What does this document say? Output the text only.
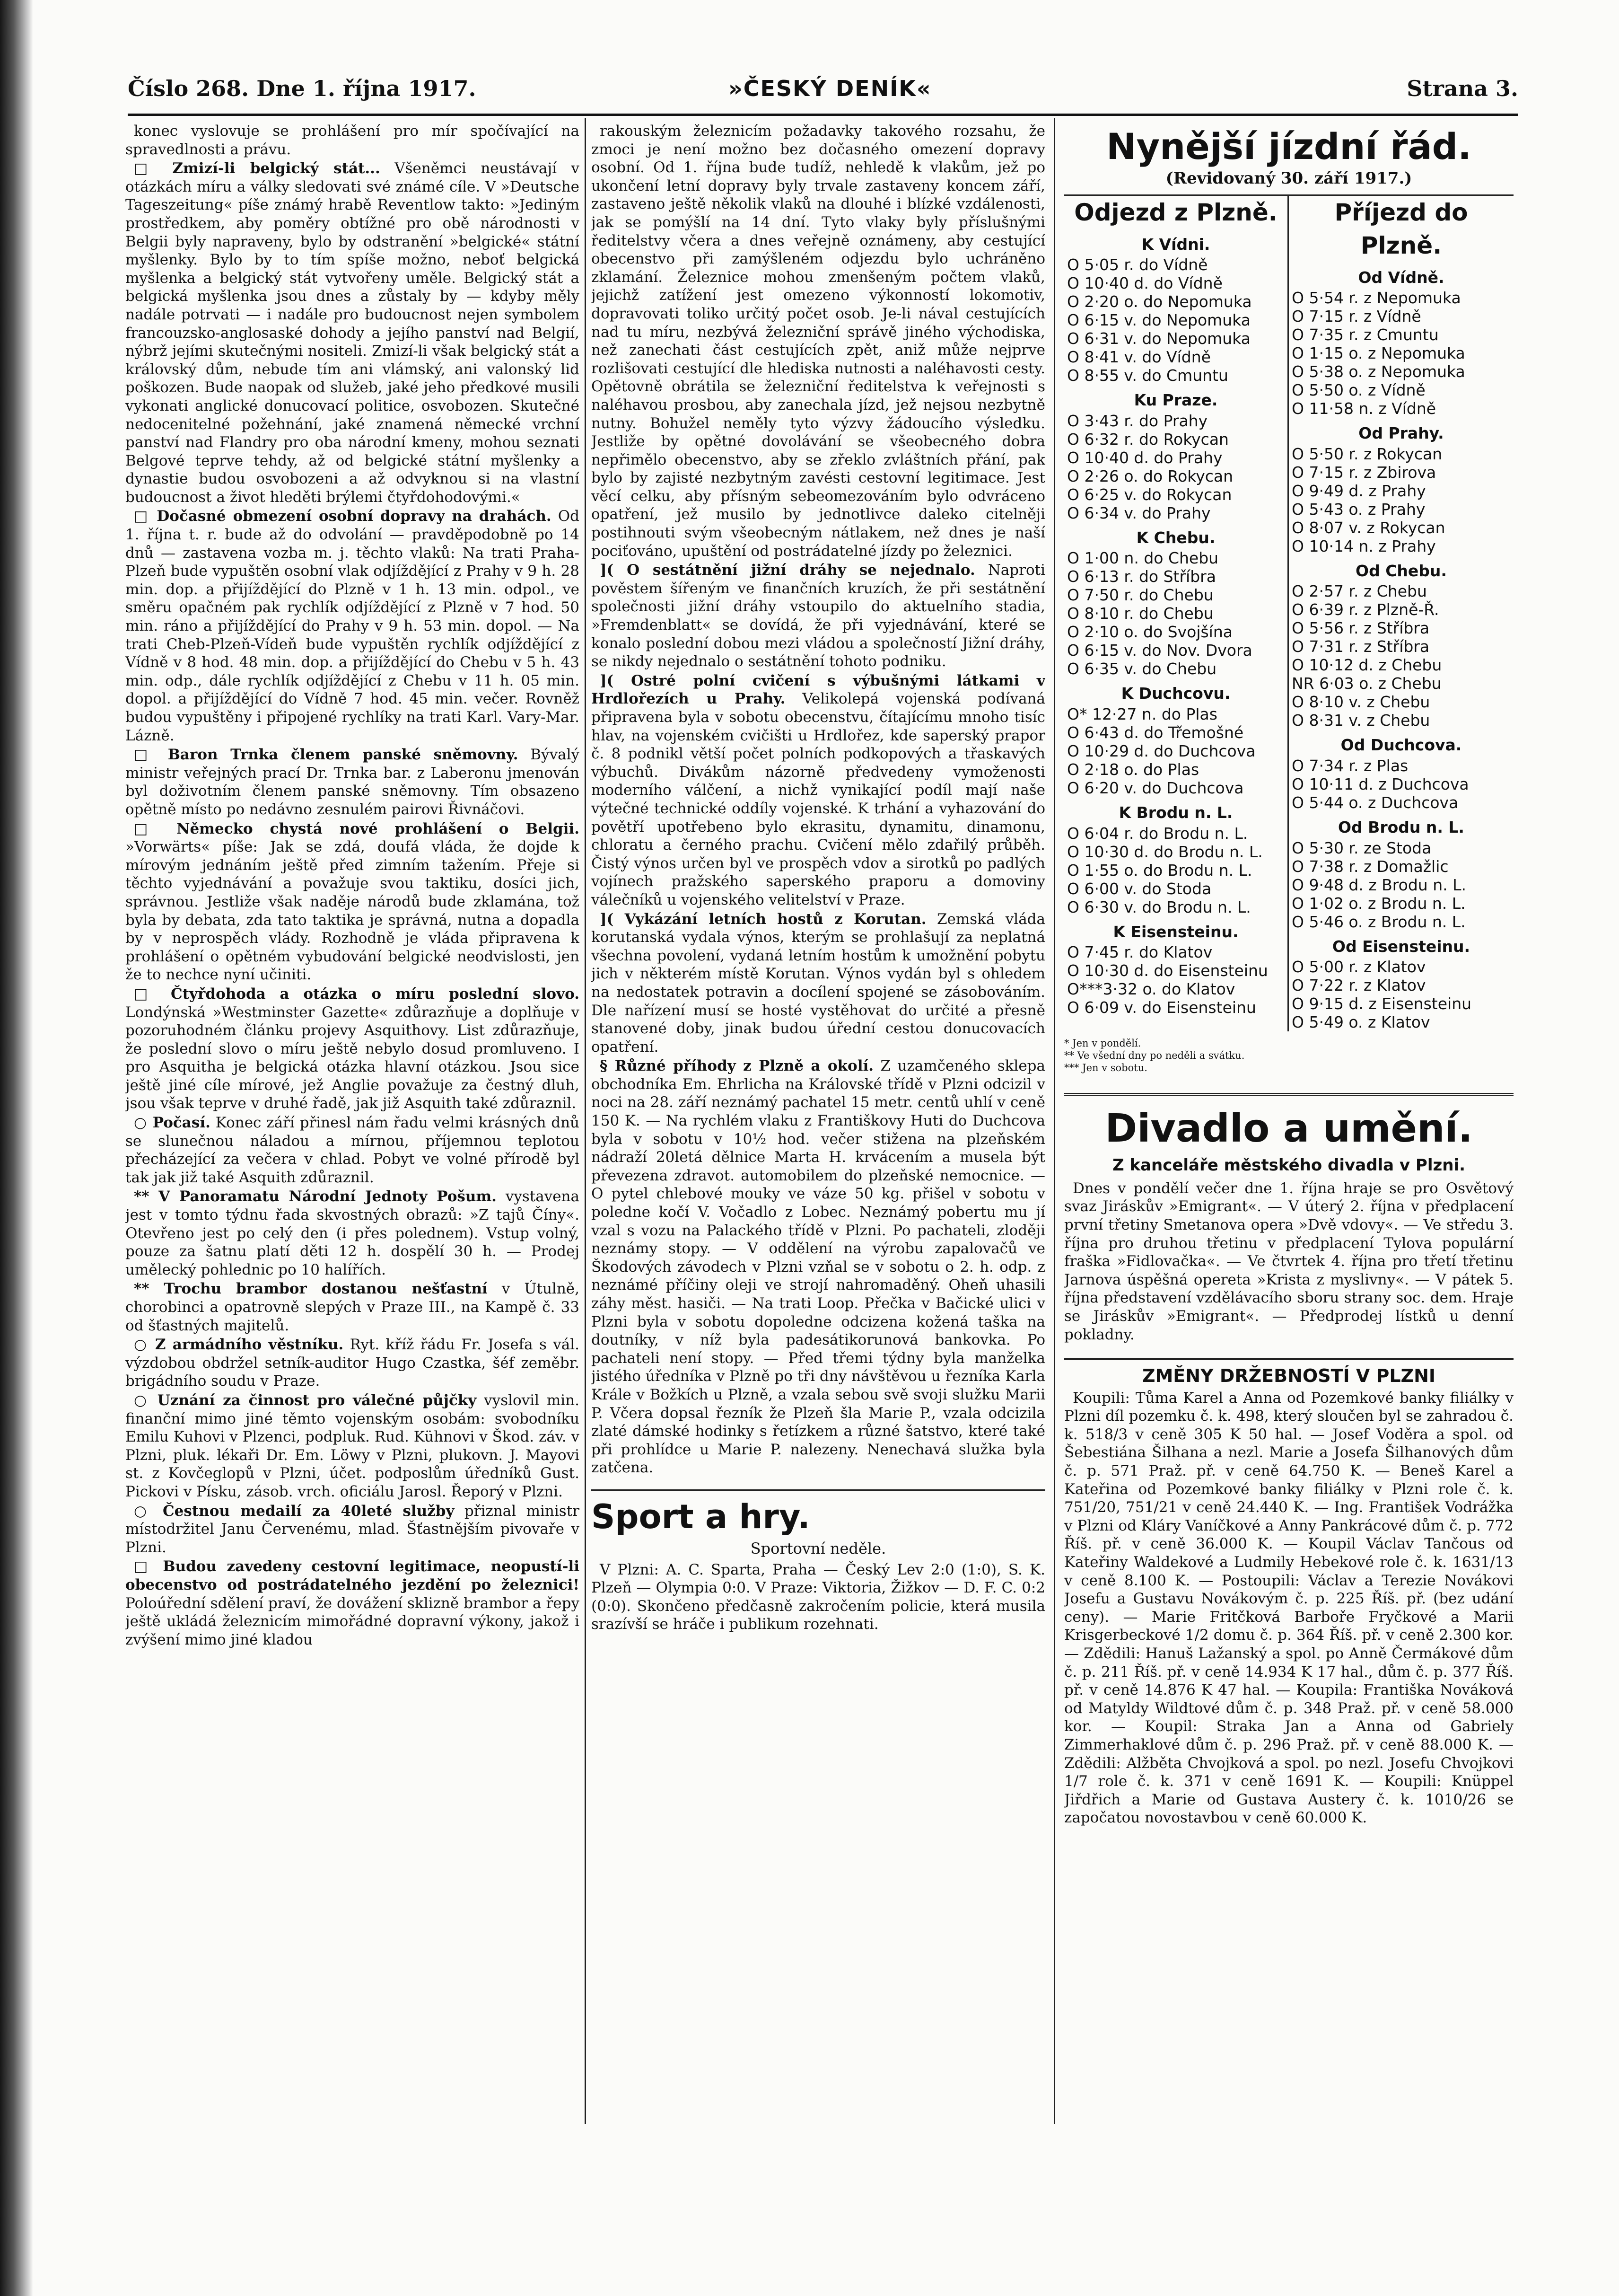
Číslo 268. Dne 1. října 1917.	»ČESKÝ DENÍK«	Strana 3.

konec vyslovuje se prohlášení pro mír spočívající na spravedlnosti a právu.

□ Zmizí-li belgický stát... Všeněmci neustávají v otázkách míru a války sledovati své známé cíle. V »Deutsche Tageszeitung« píše známý hrabě Reventlow takto: »Jediným prostředkem, aby poměry obtížné pro obě národnosti v Belgii byly napraveny, bylo by odstranění »belgické« státní myšlenky. Bylo by to tím spíše možno, neboť belgická myšlenka a belgický stát vytvořeny uměle. Belgický stát a belgická myšlenka jsou dnes a zůstaly by — kdyby měly nadále potrvati — i nadále pro budoucnost nejen symbolem francouzsko-anglosaské dohody a jejího panství nad Belgií, nýbrž jejími skutečnými nositeli. Zmizí-li však belgický stát a královský dům, nebude tím ani vlámský, ani valonský lid poškozen. Bude naopak od služeb, jaké jeho předkové musili vykonati anglické donucovací politice, osvobozen. Skutečné nedocenitelné požehnání, jaké znamená německé vrchní panství nad Flandry pro oba národní kmeny, mohou seznati Belgové teprve tehdy, až od belgické státní myšlenky a dynastie budou osvobozeni a až odvyknou si na vlastní budoucnost a život hleděti brýlemi čtyřdohodovými.«

□ Dočasné obmezení osobní dopravy na drahách. Od 1. října t. r. bude až do odvolání — pravděpodobně po 14 dnů — zastavena vozba m. j. těchto vlaků: Na trati Praha-Plzeň bude vypuštěn osobní vlak odjíždějící z Prahy v 9 h. 28 min. dop. a přijíždějící do Plzně v 1 h. 13 min. odpol., ve směru opačném pak rychlík odjíždějící z Plzně v 7 hod. 50 min. ráno a přijíždějící do Prahy v 9 h. 53 min. dopol. — Na trati Cheb-Plzeň-Vídeň bude vypuštěn rychlík odjíždějící z Vídně v 8 hod. 48 min. dop. a přijíždějící do Chebu v 5 h. 43 min. odp., dále rychlík odjíždějící z Chebu v 11 h. 05 min. dopol. a přijíždějící do Vídně 7 hod. 45 min. večer. Rovněž budou vypuštěny i připojené rychlíky na trati Karl. Vary-Mar. Lázně.

□ Baron Trnka členem panské sněmovny. Bývalý ministr veřejných prací Dr. Trnka bar. z Laberonu jmenován byl doživotním členem panské sněmovny. Tím obsazeno opětně místo po nedávno zesnulém pairovi Řivnáčovi.

□ Německo chystá nové prohlášení o Belgii. »Vorwärts« píše: Jak se zdá, doufá vláda, že dojde k mírovým jednáním ještě před zimním tažením. Přeje si těchto vyjednávání a považuje svou taktiku, dosíci jich, správnou. Jestliže však naděje národů bude zklamána, tož byla by debata, zda tato taktika je správná, nutna a dopadla by v neprospěch vlády. Rozhodně je vláda připravena k prohlášení o opětném vybudování belgické neodvislosti, jen že to nechce nyní učiniti.

□ Čtyřdohoda a otázka o míru poslední slovo. Londýnská »Westminster Gazette« zdůrazňuje a doplňuje v pozoruhodném článku projevy Asquithovy. List zdůrazňuje, že poslední slovo o míru ještě nebylo dosud promluveno. I pro Asquitha je belgická otázka hlavní otázkou. Jsou sice ještě jiné cíle mírové, jež Anglie považuje za čestný dluh, jsou však teprve v druhé řadě, jak již Asquith také zdůraznil.

○ Počasí. Konec září přinesl nám řadu velmi krásných dnů se slunečnou náladou a mírnou, příjemnou teplotou přecházející za večera v chlad. Pobyt ve volné přírodě byl tak jak již také Asquith zdůraznil.

** V Panoramatu Národní Jednoty Pošum. vystavena jest v tomto týdnu řada skvostných obrazů: »Z tajů Číny«. Otevřeno jest po celý den (i přes polednem). Vstup volný, pouze za šatnu platí děti 12 h. dospělí 30 h. — Prodej umělecký pohlednic po 10 halířích.

** Trochu brambor dostanou nešťastní v Útulně, chorobinci a opatrovně slepých v Praze III., na Kampě č. 33 od šťastných majitelů.

○ Z armádního věstníku. Ryt. kříž řádu Fr. Josefa s vál. výzdobou obdržel setník-auditor Hugo Czastka, šéf zeměbr. brigádního soudu v Praze.

○ Uznání za činnost pro válečné půjčky vyslovil min. finanční mimo jiné těmto vojenským osobám: svobodníku Emilu Kuhovi v Plzenci, podpluk. Rud. Kühnovi v Škod. záv. v Plzni, pluk. lékaři Dr. Em. Löwy v Plzni, plukovn. J. Mayovi st. z Kovčeglopů v Plzni, účet. podposlům úředníků Gust. Pickovi v Písku, zásob. vrch. oficiálu Jarosl. Řeporý v Plzni.

○ Čestnou medailí za 40leté služby přiznal ministr místodržitel Janu Červenému, mlad. Šťastnějším pivovaře v Plzni.

□ Budou zavedeny cestovní legitimace, neopustí-li obecenstvo od postrádatelného jezdění po železnici! Poloúřední sdělení praví, že dovážení sklizně brambor a řepy ještě ukládá železnicím mimořádné dopravní výkony, jakož i zvýšení mimo jiné kladou

rakouským železnicím požadavky takového rozsahu, že zmoci je není možno bez dočasného omezení dopravy osobní. Od 1. října bude tudíž, nehledě k vlakům, jež po ukončení letní dopravy byly trvale zastaveny koncem září, zastaveno ještě několik vlaků na dlouhé i blízké vzdálenosti, jak se pomýšlí na 14 dní. Tyto vlaky byly příslušnými ředitelstvy včera a dnes veřejně oznámeny, aby cestující obecenstvo při zamýšleném odjezdu bylo uchráněno zklamání. Železnice mohou zmenšeným počtem vlaků, jejichž zatížení jest omezeno výkonností lokomotiv, dopravovati toliko určitý počet osob. Je-li nával cestujících nad tu míru, nezbývá železniční správě jiného východiska, než zanechati část cestujících zpět, aniž může nejprve rozlišovati cestující dle hlediska nutnosti a naléhavosti cesty. Opětovně obrátila se železniční ředitelstva k veřejnosti s naléhavou prosbou, aby zanechala jízd, jež nejsou nezbytně nutny. Bohužel neměly tyto výzvy žádoucího výsledku. Jestliže by opětné dovolávání se všeobecného dobra nepřimělo obecenstvo, aby se zřeklo zvláštních přání, pak bylo by zajisté nezbytným zavésti cestovní legitimace. Jest věcí celku, aby přísným sebeomezováním bylo odvráceno opatření, jež musilo by jednotlivce daleko citelněji postihnouti svým všeobecným nátlakem, než dnes je naší pociťováno, upuštění od postrádatelné jízdy po železnici.

]( O sestátnění jižní dráhy se nejednalo. Naproti pověstem šířeným ve finančních kruzích, že při sestátnění společnosti jižní dráhy vstoupilo do aktuelního stadia, »Fremdenblatt« se dovídá, že při vyjednávání, které se konalo poslední dobou mezi vládou a společností Jižní dráhy, se nikdy nejednalo o sestátnění tohoto podniku.

]( Ostré polní cvičení s výbušnými látkami v Hrdlořezích u Prahy. Velikolepá vojenská podívaná připravena byla v sobotu obecenstvu, čítajícímu mnoho tisíc hlav, na vojenském cvičišti u Hrdlořez, kde saperský prapor č. 8 podnikl větší počet polních podkopových a třaskavých výbuchů. Divákům názorně předvedeny vymoženosti moderního válčení, a nichž vynikající podíl mají naše výtečné technické oddíly vojenské. K trhání a vyhazování do povětří upotřebeno bylo ekrasitu, dynamitu, dinamonu, chloratu a černého prachu. Cvičení mělo zdařilý průběh. Čistý výnos určen byl ve prospěch vdov a sirotků po padlých vojínech pražského saperského praporu a domoviny válečníků u vojenského velitelství v Praze.

]( Vykázání letních hostů z Korutan. Zemská vláda korutanská vydala výnos, kterým se prohlašují za neplatná všechna povolení, vydaná letním hostům k umožnění pobytu jich v některém místě Korutan. Výnos vydán byl s ohledem na nedostatek potravin a docílení spojené se zásobováním. Dle nařízení musí se hosté vystěhovat do určité a přesně stanovené doby, jinak budou úřední cestou donucovacích opatření.

§ Různé příhody z Plzně a okolí. Z uzamčeného sklepa obchodníka Em. Ehrlicha na Královské třídě v Plzni odcizil v noci na 28. září neznámý pachatel 15 metr. centů uhlí v ceně 150 K. — Na rychlém vlaku z Františkovy Huti do Duchcova byla v sobotu v 10½ hod. večer stižena na plzeňském nádraží 20letá dělnice Marta H. krvácením a musela být převezena zdravot. automobilem do plzeňské nemocnice. — O pytel chlebové mouky ve váze 50 kg. přišel v sobotu v poledne kočí V. Vočadlo z Lobec. Neznámý pobertu mu jí vzal s vozu na Palackého třídě v Plzni. Po pachateli, zloději neznámy stopy. — V oddělení na výrobu zapalovačů ve Škodových závodech v Plzni vzňal se v sobotu o 2. h. odp. z neznámé příčiny oleji ve strojí nahromaděný. Oheň uhasili záhy měst. hasiči. — Na trati Loop. Přečka v Bačické ulici v Plzni byla v sobotu dopoledne odcizena kožená taška na doutníky, v níž byla padesátikorunová bankovka. Po pachateli není stopy. — Před třemi týdny byla manželka jistého úředníka v Plzně po tři dny návštěvou u řezníka Karla Krále v Božkích u Plzně, a vzala sebou svě svoji služku Marii P. Včera dopsal řezník že Plzeň šla Marie P., vzala odcizila zlaté dámské hodinky s řetízkem a různé šatstvo, které také při prohlídce u Marie P. nalezeny. Nenechavá služka byla zatčena.

Sport a hry.
Sportovní neděle.

V Plzni: A. C. Sparta, Praha — Český Lev 2:0 (1:0), S. K. Plzeň — Olympia 0:0. V Praze: Viktoria, Žižkov — D. F. C. 0:2 (0:0). Skončeno předčasně zakročením policie, která musila srazívší se hráče i publikum rozehnati.

Nynější jízdní řád.
(Revidovaný 30. září 1917.)
Odjezd z Plzně.
K Vídni.
O 5·05 r. do Vídně
O 10·40 d. do Vídně
O 2·20 o. do Nepomuka
O 6·15 v. do Nepomuka
O 6·31 v. do Nepomuka
O 8·41 v. do Vídně
O 8·55 v. do Cmuntu
Ku Praze.
O 3·43 r. do Prahy
O 6·32 r. do Rokycan
O 10·40 d. do Prahy
O 2·26 o. do Rokycan
O 6·25 v. do Rokycan
O 6·34 v. do Prahy
K Chebu.
O 1·00 n. do Chebu
O 6·13 r. do Stříbra
O 7·50 r. do Chebu
O 8·10 r. do Chebu
O 2·10 o. do Svojšína
O 6·15 v. do Nov. Dvora
O 6·35 v. do Chebu
K Duchcovu.
O* 12·27 n. do Plas
O 6·43 d. do Třemošné
O 10·29 d. do Duchcova
O 2·18 o. do Plas
O 6·20 v. do Duchcova
K Brodu n. L.
O 6·04 r. do Brodu n. L.
O 10·30 d. do Brodu n. L.
O 1·55 o. do Brodu n. L.
O 6·00 v. do Stoda
O 6·30 v. do Brodu n. L.
K Eisensteinu.
O 7·45 r. do Klatov
O 10·30 d. do Eisensteinu
O***3·32 o. do Klatov
O 6·09 v. do Eisensteinu
Příjezd do Plzně.
Od Vídně.
O 5·54 r. z Nepomuka
O 7·15 r. z Vídně
O 7·35 r. z Cmuntu
O 1·15 o. z Nepomuka
O 5·38 o. z Nepomuka
O 5·50 o. z Vídně
O 11·58 n. z Vídně
Od Prahy.
O 5·50 r. z Rokycan
O 7·15 r. z Zbirova
O 9·49 d. z Prahy
O 5·43 o. z Prahy
O 8·07 v. z Rokycan
O 10·14 n. z Prahy
Od Chebu.
O 2·57 r. z Chebu
O 6·39 r. z Plzně-Ř.
O 5·56 r. z Stříbra
O 7·31 r. z Stříbra
O 10·12 d. z Chebu
NR 6·03 o. z Chebu
O 8·10 v. z Chebu
O 8·31 v. z Chebu
Od Duchcova.
O 7·34 r. z Plas
O 10·11 d. z Duchcova
O 5·44 o. z Duchcova
Od Brodu n. L.
O 5·30 r. ze Stoda
O 7·38 r. z Domažlic
O 9·48 d. z Brodu n. L.
O 1·02 o. z Brodu n. L.
O 5·46 o. z Brodu n. L.
Od Eisensteinu.
O 5·00 r. z Klatov
O 7·22 r. z Klatov
O 9·15 d. z Eisensteinu
O 5·49 o. z Klatov
* Jen v pondělí.
** Ve všední dny po neděli a svátku.
*** Jen v sobotu.
Divadlo a umění.
Z kanceláře městského divadla v Plzni.

Dnes v pondělí večer dne 1. října hraje se pro Osvětový svaz Jiráskův »Emigrant«. — V úterý 2. října v předplacení první třetiny Smetanova opera »Dvě vdovy«. — Ve středu 3. října pro druhou třetinu v předplacení Tylova populární fraška »Fidlovačka«. — Ve čtvrtek 4. října pro třetí třetinu Jarnova úspěšná opereta »Krista z myslivny«. — V pátek 5. října představení vzdělávacího sboru strany soc. dem. Hraje se Jiráskův »Emigrant«. — Předprodej lístků u denní pokladny.

ZMĚNY DRŽEBNOSTÍ V PLZNI

Koupili: Tůma Karel a Anna od Pozemkové banky filiálky v Plzni díl pozemku č. k. 498, který sloučen byl se zahradou č. k. 518/3 v ceně 305 K 50 hal. — Josef Voděra a spol. od Šebestiána Šilhana a nezl. Marie a Josefa Šilhanových dům č. p. 571 Praž. př. v ceně 64.750 K. — Beneš Karel a Kateřina od Pozemkové banky filiálky v Plzni role č. k. 751/20, 751/21 v ceně 24.440 K. — Ing. František Vodrážka v Plzni od Kláry Vaníčkové a Anny Pankrácové dům č. p. 772 Říš. př. v ceně 36.000 K. — Koupil Václav Tančous od Kateřiny Waldekové a Ludmily Hebekové role č. k. 1631/13 v ceně 8.100 K. — Postoupili: Václav a Terezie Novákovi Josefu a Gustavu Novákovým č. p. 225 Říš. př. (bez udání ceny). — Marie Fritčková Barboře Fryčkové a Marii Krisgerbeckové 1/2 domu č. p. 364 Říš. př. v ceně 2.300 kor. — Zdědili: Hanuš Lažanský a spol. po Anně Čermákové dům č. p. 211 Říš. př. v ceně 14.934 K 17 hal., dům č. p. 377 Říš. př. v ceně 14.876 K 47 hal. — Koupila: Františka Nováková od Matyldy Wildtové dům č. p. 348 Praž. př. v ceně 58.000 kor. — Koupil: Straka Jan a Anna od Gabriely Zimmerhaklové dům č. p. 296 Praž. př. v ceně 88.000 K. — Zdědili: Alžběta Chvojková a spol. po nezl. Josefu Chvojkovi 1/7 role č. k. 371 v ceně 1691 K. — Koupili: Knüppel Jiřdřich a Marie od Gustava Austery č. k. 1010/26 se započatou novostavbou v ceně 60.000 K.
